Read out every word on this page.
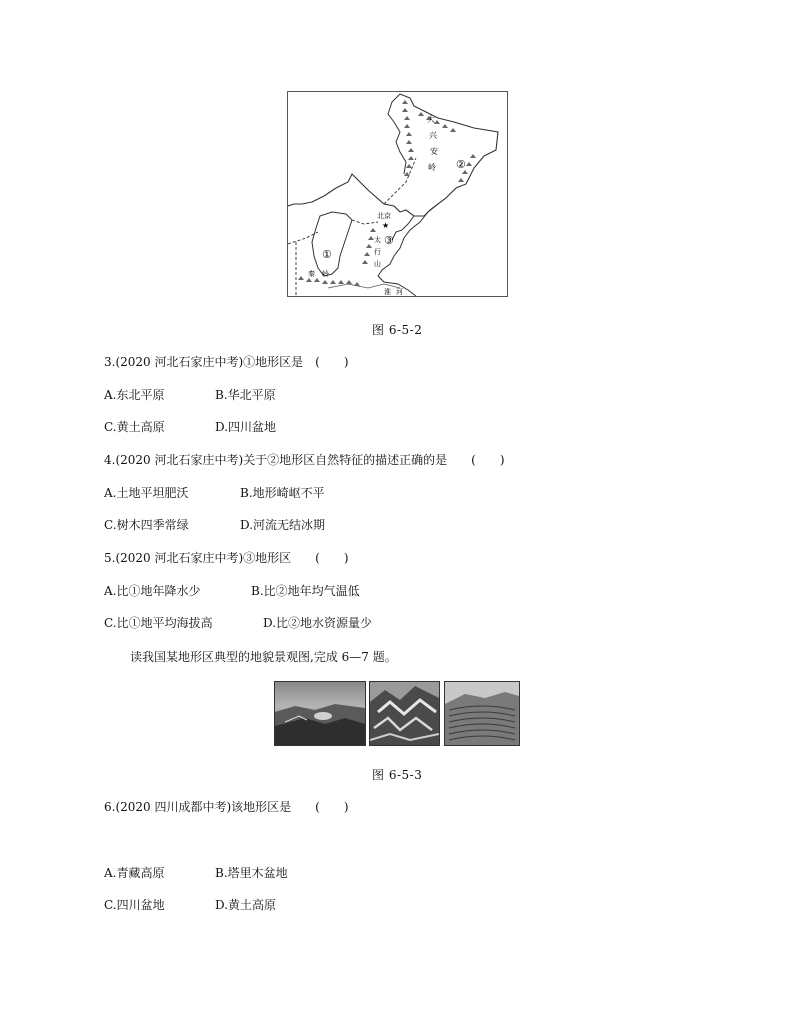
大
兴
安
岭 ②
北京
★
③
太
行
山
①
秦 岭
淮 河
图 6-5-2
3.(2020 河北石家庄中考)①地形区是　(　　)
A.东北平原	B.华北平原
C.黄土高原	D.四川盆地
4.(2020 河北石家庄中考)关于②地形区自然特征的描述正确的是　　(　　)
A.土地平坦肥沃	B.地形崎岖不平
C.树木四季常绿	D.河流无结冰期
5.(2020 河北石家庄中考)③地形区　　(　　)
A.比①地年降水少	B.比②地年均气温低
C.比①地平均海拔高	D.比②地水资源量少
读我国某地形区典型的地貌景观图,完成 6—7 题。
图 6-5-3
6.(2020 四川成都中考)该地形区是　　(　　)
A.青藏高原	B.塔里木盆地
C.四川盆地	D.黄土高原
